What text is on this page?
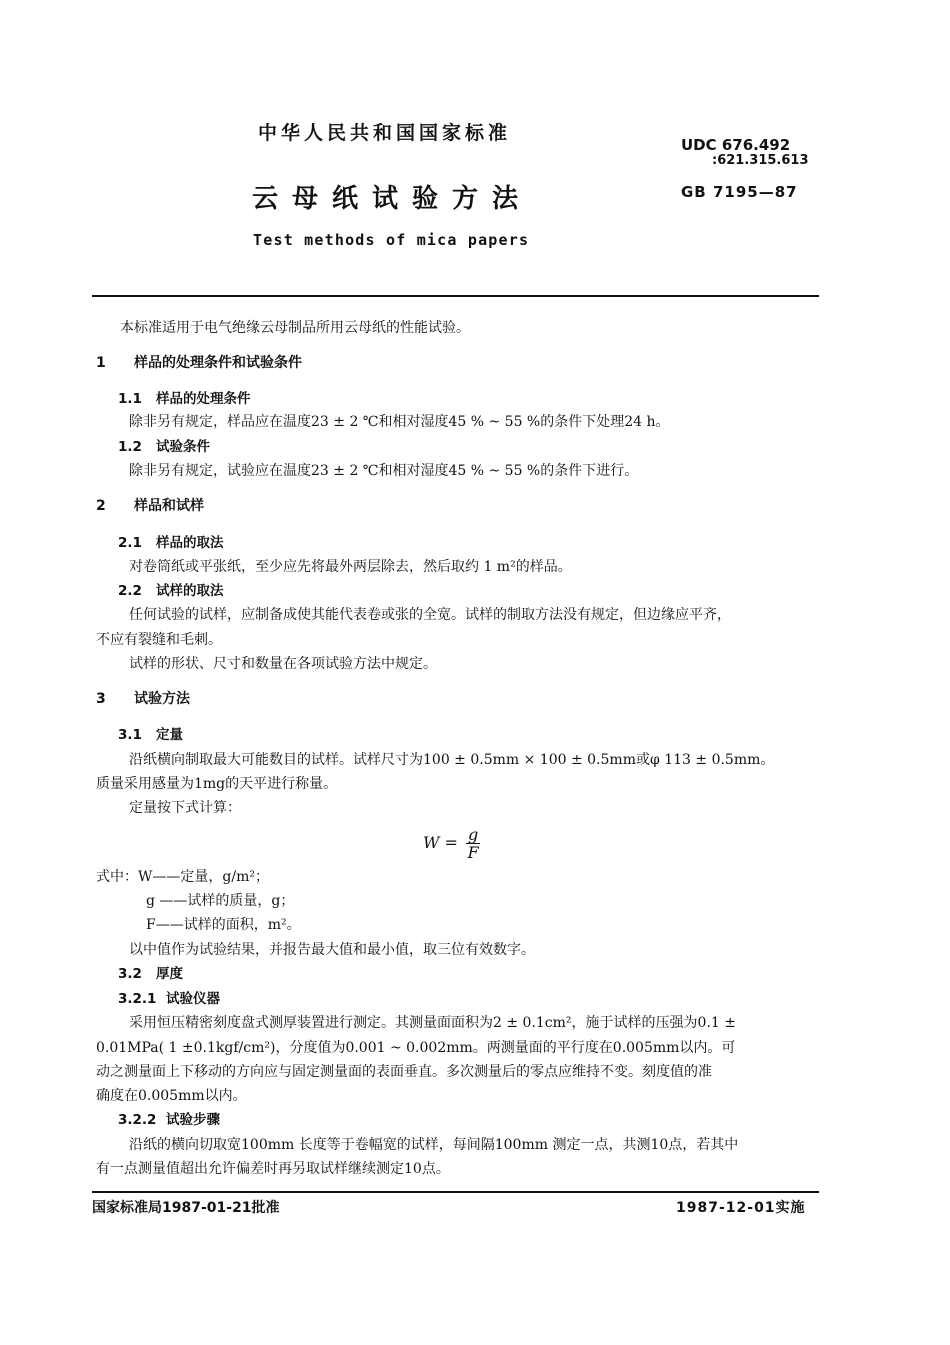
中华人民共和国国家标准
云母纸试验方法
Test methods of mica papers
UDC 676.492
:621.315.613
GB 7195—87
本标准适用于电气绝缘云母制品所用云母纸的性能试验。
1 样品的处理条件和试验条件
1.1 样品的处理条件
除非另有规定，样品应在温度23 ± 2 ℃和相对湿度45 % ~ 55 %的条件下处理24 h。
1.2 试验条件
除非另有规定，试验应在温度23 ± 2 ℃和相对湿度45 % ~ 55 %的条件下进行。
2 样品和试样
2.1 样品的取法
对卷筒纸或平张纸，至少应先将最外两层除去，然后取约 1 m²的样品。
2.2 试样的取法
任何试验的试样，应制备成使其能代表卷或张的全宽。试样的制取方法没有规定，但边缘应平齐，
不应有裂缝和毛刺。
试样的形状、尺寸和数量在各项试验方法中规定。
3 试验方法
3.1 定量
沿纸横向制取最大可能数目的试样。试样尺寸为100 ± 0.5mm × 100 ± 0.5mm或φ 113 ± 0.5mm。
质量采用感量为1mg的天平进行称量。
定量按下式计算：
$W = \frac{g}{F}$
式中：W——定量，g/m²；
g ——试样的质量，g；
F——试样的面积，m²。
以中值作为试验结果，并报告最大值和最小值，取三位有效数字。
3.2 厚度
3.2.1 试验仪器
采用恒压精密刻度盘式测厚装置进行测定。其测量面面积为2 ± 0.1cm²，施于试样的压强为0.1 ±
0.01MPa( 1 ±0.1kgf/cm²)，分度值为0.001 ~ 0.002mm。两测量面的平行度在0.005mm以内。可
动之测量面上下移动的方向应与固定测量面的表面垂直。多次测量后的零点应维持不变。刻度值的准
确度在0.005mm以内。
3.2.2 试验步骤
沿纸的横向切取宽100mm 长度等于卷幅宽的试样，每间隔100mm 测定一点，共测10点，若其中
有一点测量值超出允许偏差时再另取试样继续测定10点。
国家标准局1987-01-21批准	1987-12-01实施
